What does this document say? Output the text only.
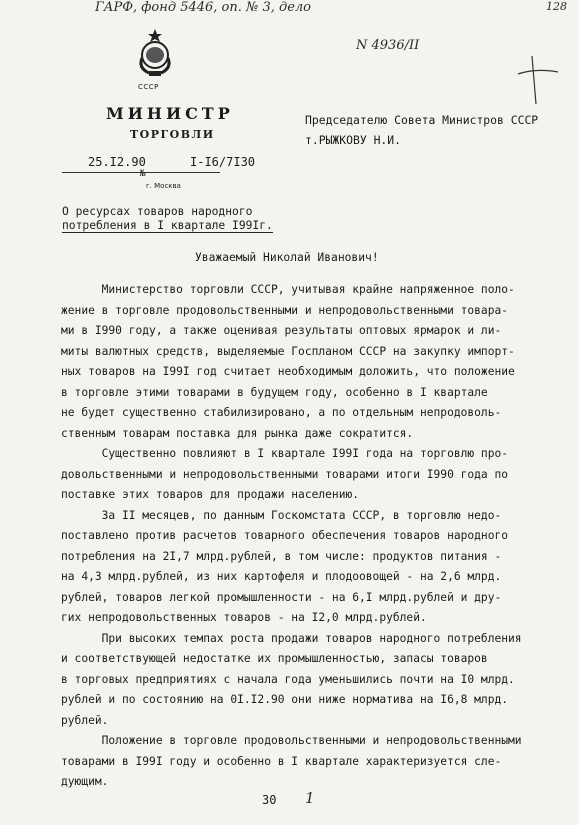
ГАРФ, фонд 5446, оп. № 3, дело	128
N 4936/II
СССР
МИНИСТР
ТОРГОВЛИ
25.I2.90	I-I6/7I30
№
г. Москва
Председателю Совета Министров СССР
т.РЫЖКОВУ Н.И.
О ресурсах товаров народного
потребления в I квартале I99Iг.
Уважаемый Николай Иванович!
Министерство торговли СССР, учитывая крайне напряженное поло-
жение в торговле продовольственными и непродовольственными товара-
ми в I990 году, а также оценивая результаты оптовых ярмарок и ли-
миты валютных средств, выделяемые Госпланом СССР на закупку импорт-
ных товаров на I99I год считает необходимым доложить, что положение
в торговле этими товарами в будущем году, особенно в I квартале
не будет существенно стабилизировано, а по отдельным непродоволь-
ственным товарам поставка для рынка даже сократится.
Существенно повлияют в I квартале I99I года на торговлю про-
довольственными и непродовольственными товарами итоги I990 года по
поставке этих товаров для продажи населению.
За II месяцев, по данным Госкомстата СССР, в торговлю недо-
поставлено против расчетов товарного обеспечения товаров народного
потребления на 2I,7 млрд.рублей, в том числе: продуктов питания -
на 4,3 млрд.рублей, из них картофеля и плодоовощей - на 2,6 млрд.
рублей, товаров легкой промышленности - на 6,I млрд.рублей и дру-
гих непродовольственных товаров - на I2,0 млрд.рублей.
При высоких темпах роста продажи товаров народного потребления
и соответствующей недостатке их промышленностью, запасы товаров
в торговых предприятиях с начала года уменьшились почти на I0 млрд.
рублей и по состоянию на 0I.I2.90 они ниже норматива на I6,8 млрд.
рублей.
Положение в торговле продовольственными и непродовольственными
товарами в I99I году и особенно в I квартале характеризуется сле-
дующим.
30 1
